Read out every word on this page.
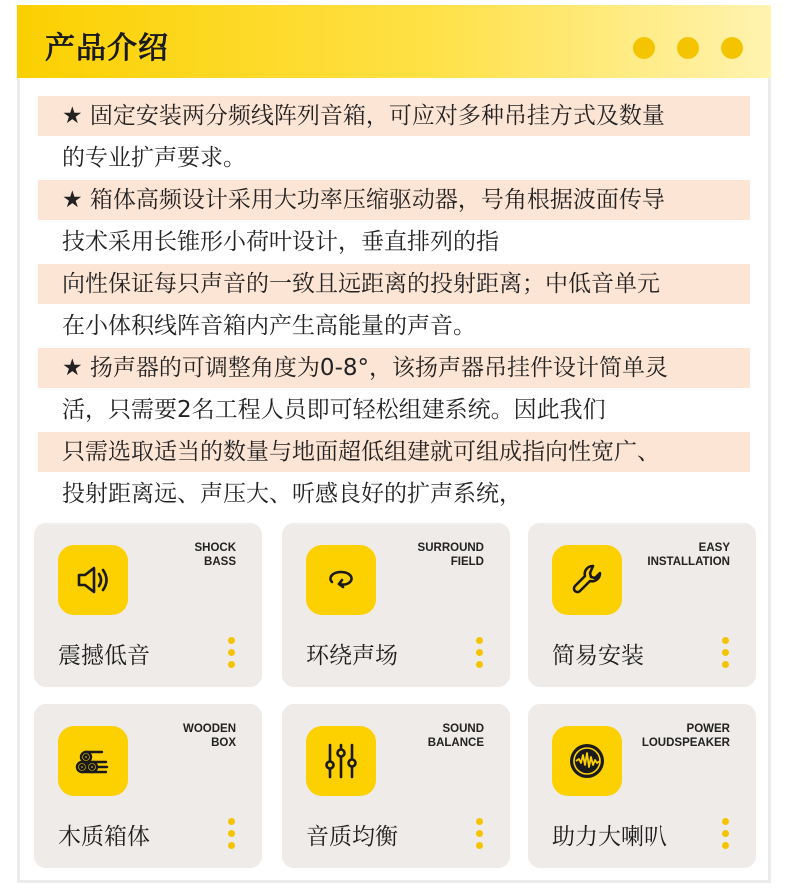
产品介绍
★ 固定安装两分频线阵列音箱，可应对多种吊挂方式及数量
的专业扩声要求。
★ 箱体高频设计采用大功率压缩驱动器，号角根据波面传导
技术采用长锥形小荷叶设计，垂直排列的指
向性保证每只声音的一致且远距离的投射距离；中低音单元
在小体积线阵音箱内产生高能量的声音。
★ 扬声器的可调整角度为0-8°，该扬声器吊挂件设计简单灵
活，只需要2名工程人员即可轻松组建系统。因此我们
只需选取适当的数量与地面超低组建就可组成指向性宽广、
投射距离远、声压大、听感良好的扩声系统，
SHOCK
BASS
震撼低音
SURROUND
FIELD
环绕声场
EASY
INSTALLATION
简易安装
WOODEN
BOX
木质箱体
SOUND
BALANCE
音质均衡
POWER
LOUDSPEAKER
助力大喇叭
